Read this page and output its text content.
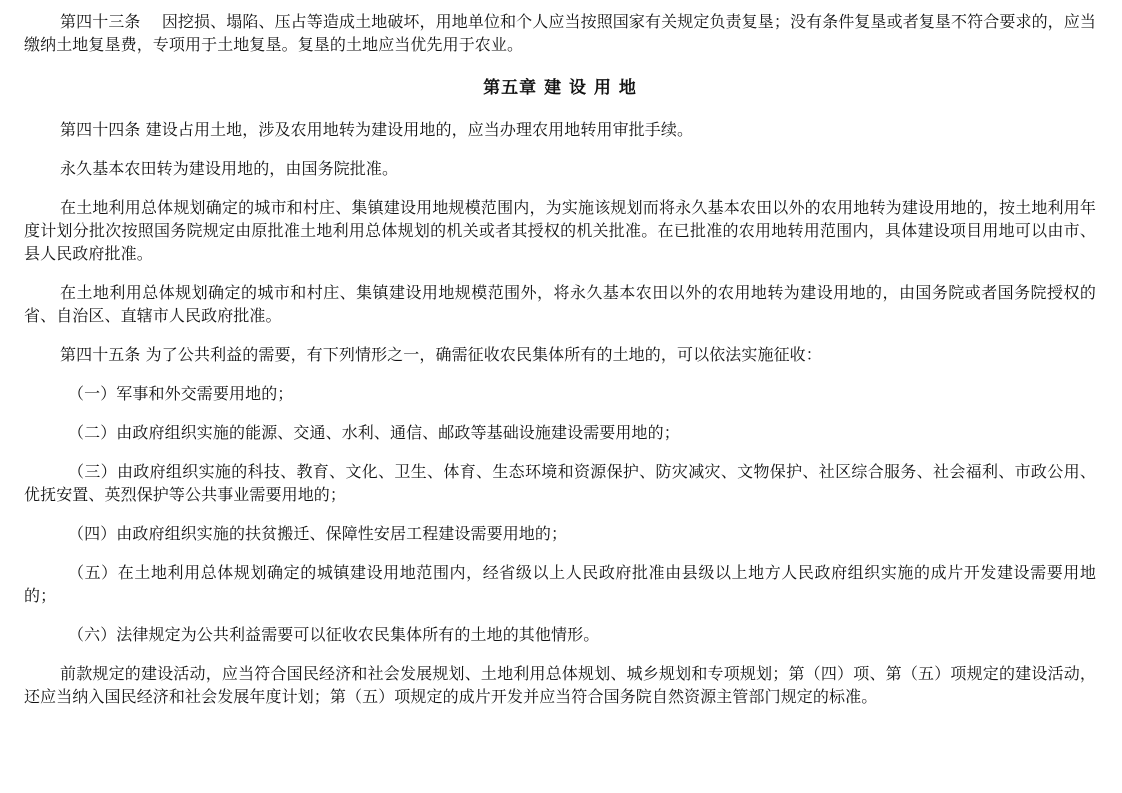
第四十三条　 因挖损、塌陷、压占等造成土地破坏，用地单位和个人应当按照国家有关规定负责复垦；没有条件复垦或者复垦不符合要求的，应当缴纳土地复垦费，专项用于土地复垦。复垦的土地应当优先用于农业。

第五章 建 设 用 地

第四十四条 建设占用土地，涉及农用地转为建设用地的，应当办理农用地转用审批手续。

永久基本农田转为建设用地的，由国务院批准。

在土地利用总体规划确定的城市和村庄、集镇建设用地规模范围内，为实施该规划而将永久基本农田以外的农用地转为建设用地的，按土地利用年度计划分批次按照国务院规定由原批准土地利用总体规划的机关或者其授权的机关批准。在已批准的农用地转用范围内，具体建设项目用地可以由市、县人民政府批准。

在土地利用总体规划确定的城市和村庄、集镇建设用地规模范围外，将永久基本农田以外的农用地转为建设用地的，由国务院或者国务院授权的省、自治区、直辖市人民政府批准。

第四十五条 为了公共利益的需要，有下列情形之一，确需征收农民集体所有的土地的，可以依法实施征收：

（一）军事和外交需要用地的；

（二）由政府组织实施的能源、交通、水利、通信、邮政等基础设施建设需要用地的；

（三）由政府组织实施的科技、教育、文化、卫生、体育、生态环境和资源保护、防灾减灾、文物保护、社区综合服务、社会福利、市政公用、优抚安置、英烈保护等公共事业需要用地的；

（四）由政府组织实施的扶贫搬迁、保障性安居工程建设需要用地的；

（五）在土地利用总体规划确定的城镇建设用地范围内，经省级以上人民政府批准由县级以上地方人民政府组织实施的成片开发建设需要用地的；

（六）法律规定为公共利益需要可以征收农民集体所有的土地的其他情形。

前款规定的建设活动，应当符合国民经济和社会发展规划、土地利用总体规划、城乡规划和专项规划；第（四）项、第（五）项规定的建设活动，还应当纳入国民经济和社会发展年度计划；第（五）项规定的成片开发并应当符合国务院自然资源主管部门规定的标准。
